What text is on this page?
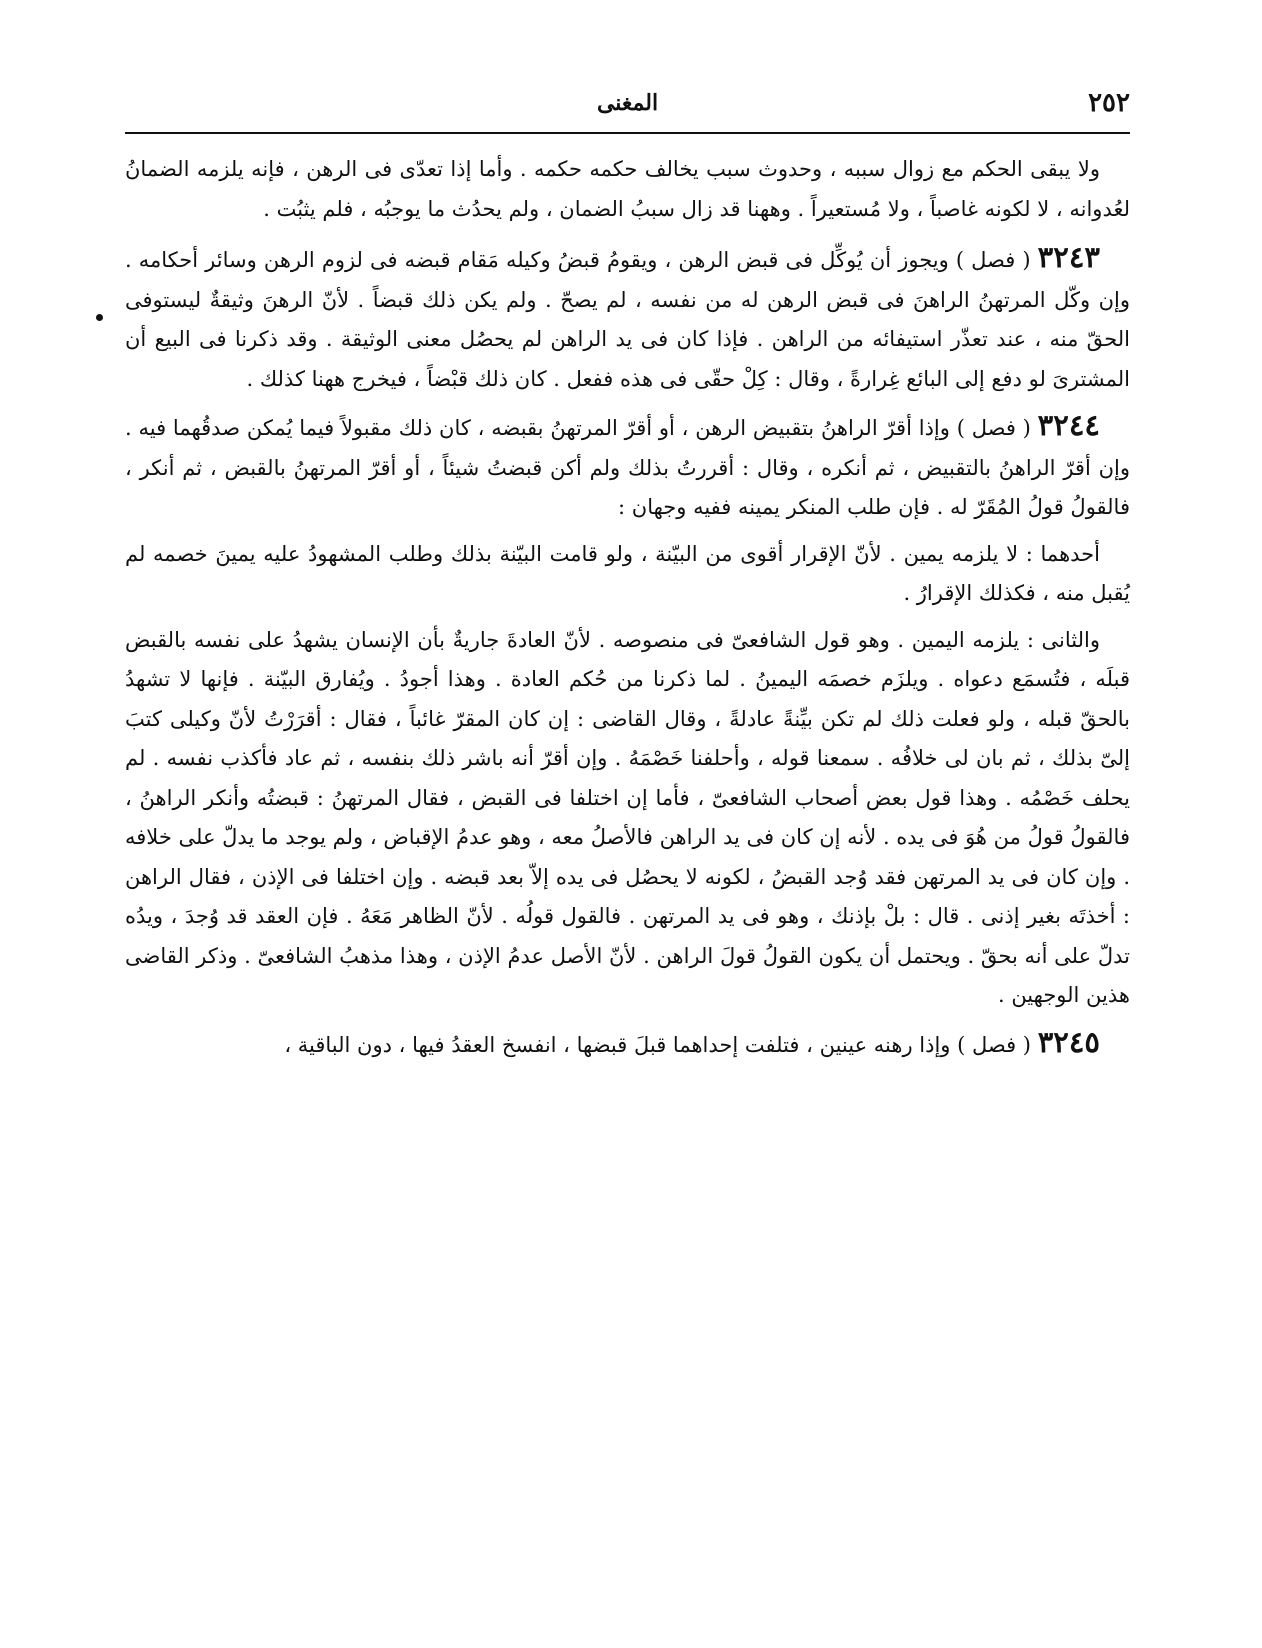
٢٥٢
المغنى

ولا يبقى الحكم مع زوال سببه ، وحدوث سبب يخالف حكمه حكمه . وأما إذا تعدّى فى الرهن ، فإنه يلزمه الضمانُ لعُدوانه ، لا لكونه غاصباً ، ولا مُستعيراً . وههنا قد زال سببُ الضمان ، ولم يحدُث ما يوجبُه ، فلم يثبُت .

٣٢٤٣ ( فصل ) ويجوز أن يُوكِّل فى قبض الرهن ، ويقومُ قبضُ وكيله مَقام قبضه فى لزوم الرهن وسائر أحكامه . وإن وكّل المرتهنُ الراهنَ فى قبض الرهن له من نفسه ، لم يصحّ . ولم يكن ذلك قبضاً . لأنّ الرهنَ وثيقةٌ ليستوفى الحقّ منه ، عند تعذّر استيفائه من الراهن . فإذا كان فى يد الراهن لم يحصُل معنى الوثيقة . وقد ذكرنا فى البيع أن المشترىَ لو دفع إلى البائع غِرارةً ، وقال : كِلْ حقّى فى هذه ففعل . كان ذلك قبْضاً ، فيخرج ههنا كذلك .

٣٢٤٤ ( فصل ) وإذا أقرّ الراهنُ بتقبيض الرهن ، أو أقرّ المرتهنُ بقبضه ، كان ذلك مقبولاً فيما يُمكن صدقُهما فيه . وإن أقرّ الراهنُ بالتقبيض ، ثم أنكره ، وقال : أقررتُ بذلك ولم أكن قبضتُ شيئاً ، أو أقرّ المرتهنُ بالقبض ، ثم أنكر ، فالقولُ قولُ المُقَرّ له . فإن طلب المنكر يمينه ففيه وجهان :

أحدهما : لا يلزمه يمين . لأنّ الإقرار أقوى من البيّنة ، ولو قامت البيّنة بذلك وطلب المشهودُ عليه يمينَ خصمه لم يُقبل منه ، فكذلك الإقرارُ .

والثانى : يلزمه اليمين . وهو قول الشافعىّ فى منصوصه . لأنّ العادةَ جاريةٌ بأن الإنسان يشهدُ على نفسه بالقبض قبلَه ، فتُسمَع دعواه . ويلزَم خصمَه اليمينُ . لما ذكرنا من حُكم العادة . وهذا أجودُ . ويُفارق البيّنة . فإنها لا تشهدُ بالحقّ قبله ، ولو فعلت ذلك لم تكن بيِّنةً عادلةً ، وقال القاضى : إن كان المقرّ غائباً ، فقال : أقرَرْتُ لأنّ وكيلى كتبَ إلىّ بذلك ، ثم بان لى خلافُه . سمعنا قوله ، وأحلفنا خَصْمَهُ . وإن أقرّ أنه باشر ذلك بنفسه ، ثم عاد فأكذب نفسه . لم يحلف خَصْمُه . وهذا قول بعض أصحاب الشافعىّ ، فأما إن اختلفا فى القبض ، فقال المرتهنُ : قبضتُه وأنكر الراهنُ ، فالقولُ قولُ من هُوَ فى يده . لأنه إن كان فى يد الراهن فالأصلُ معه ، وهو عدمُ الإقباض ، ولم يوجد ما يدلّ على خلافه . وإن كان فى يد المرتهن فقد وُجد القبضُ ، لكونه لا يحصُل فى يده إلاّ بعد قبضه . وإن اختلفا فى الإذن ، فقال الراهن : أخذتَه بغير إذنى . قال : بلْ بإذنك ، وهو فى يد المرتهن . فالقول قولُه . لأنّ الظاهر مَعَهُ . فإن العقد قد وُجدَ ، ويدُه تدلّ على أنه بحقّ . ويحتمل أن يكون القولُ قولَ الراهن . لأنّ الأصل عدمُ الإذن ، وهذا مذهبُ الشافعىّ . وذكر القاضى هذين الوجهين .

٣٢٤٥ ( فصل ) وإذا رهنه عينين ، فتلفت إحداهما قبلَ قبضها ، انفسخ العقدُ فيها ، دون الباقية ،
